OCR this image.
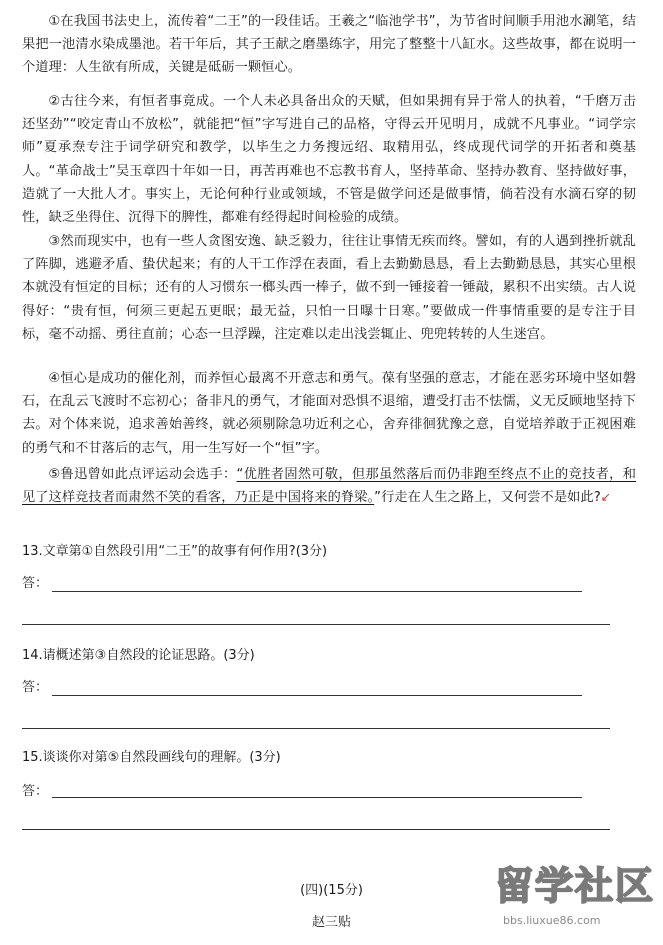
①在我国书法史上，流传着“二王”的一段佳话。王羲之“临池学书”，为节省时间顺手用池水涮笔，结果把一池清水染成墨池。若干年后，其子王献之磨墨练字，用完了整整十八缸水。这些故事，都在说明一个道理：人生欲有所成，关键是砥砺一颗恒心。

②古往今来，有恒者事竟成。一个人未必具备出众的天赋，但如果拥有异于常人的执着，“千磨万击还坚劲”“咬定青山不放松”，就能把“恒”字写进自己的品格，守得云开见明月，成就不凡事业。“词学宗师”夏承焘专注于词学研究和教学，以毕生之力务搜远绍、取精用弘，终成现代词学的开拓者和奠基人。“革命战士”吴玉章四十年如一日，再苦再难也不忘教书育人，坚持革命、坚持办教育、坚持做好事，造就了一大批人才。事实上，无论何种行业或领域，不管是做学问还是做事情，倘若没有水滴石穿的韧性，缺乏坐得住、沉得下的脾性，都难有经得起时间检验的成绩。

③然而现实中，也有一些人贪图安逸、缺乏毅力，往往让事情无疾而终。譬如，有的人遇到挫折就乱了阵脚，逃避矛盾、蛰伏起来；有的人干工作浮在表面，看上去勤勤恳恳，看上去勤勤恳恳，其实心里根本就没有恒定的目标；还有的人习惯东一榔头西一棒子，做不到一锤接着一锤敲，累积不出实绩。古人说得好：“贵有恒，何须三更起五更眠；最无益，只怕一日曝十日寒。”要做成一件事情重要的是专注于目标，毫不动摇、勇往直前；心态一旦浮躁，注定难以走出浅尝辄止、兜兜转转的人生迷宫。

④恒心是成功的催化剂，而养恒心最离不开意志和勇气。葆有坚强的意志，才能在恶劣环境中坚如磐石，在乱云飞渡时不忘初心；备非凡的勇气，才能面对恐惧不退缩，遭受打击不怯懦，义无反顾地坚持下去。对个体来说，追求善始善终，就必须剔除急功近利之心，舍弃徘徊犹豫之意，自觉培养敢于正视困难的勇气和不甘落后的志气，用一生写好一个“恒”字。

⑤鲁迅曾如此点评运动会选手：“优胜者固然可敬，但那虽然落后而仍非跑至终点不止的竞技者，和见了这样竞技者而肃然不笑的看客，乃正是中国将来的脊梁。”行走在人生之路上，又何尝不是如此?↙

13.文章第①自然段引用“二王”的故事有何作用?(3分)

答：

14.请概述第③自然段的论证思路。(3分)

答：

15.谈谈你对第⑤自然段画线句的理解。(3分)

答：

(四)(15分)

赵三贴

留学社区
bbs.liuxue86.com
